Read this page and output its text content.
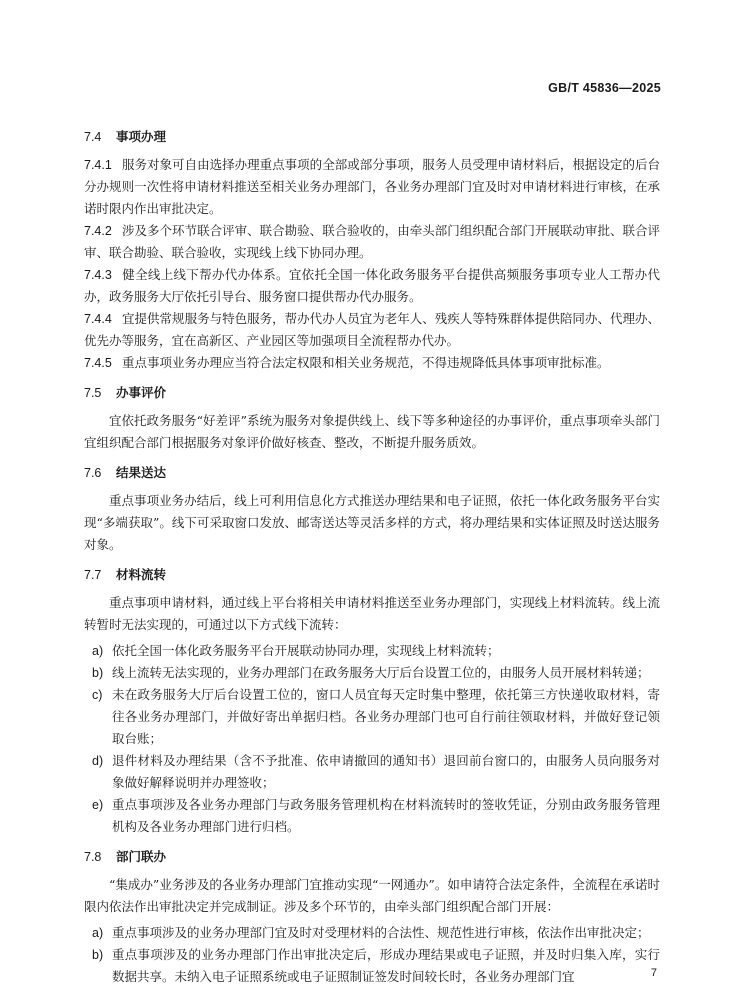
GB/T 45836—2025
7.4 事项办理

7.4.1 服务对象可自由选择办理重点事项的全部或部分事项，服务人员受理申请材料后，根据设定的后台分办规则一次性将申请材料推送至相关业务办理部门，各业务办理部门宜及时对申请材料进行审核，在承诺时限内作出审批决定。

7.4.2 涉及多个环节联合评审、联合勘验、联合验收的，由牵头部门组织配合部门开展联动审批、联合评审、联合勘验、联合验收，实现线上线下协同办理。

7.4.3 健全线上线下帮办代办体系。宜依托全国一体化政务服务平台提供高频服务事项专业人工帮办代办，政务服务大厅依托引导台、服务窗口提供帮办代办服务。

7.4.4 宜提供常规服务与特色服务，帮办代办人员宜为老年人、残疾人等特殊群体提供陪同办、代理办、优先办等服务，宜在高新区、产业园区等加强项目全流程帮办代办。

7.4.5 重点事项业务办理应当符合法定权限和相关业务规范，不得违规降低具体事项审批标准。

7.5 办事评价

宜依托政务服务“好差评”系统为服务对象提供线上、线下等多种途径的办事评价，重点事项牵头部门宜组织配合部门根据服务对象评价做好核查、整改，不断提升服务质效。

7.6 结果送达

重点事项业务办结后，线上可利用信息化方式推送办理结果和电子证照，依托一体化政务服务平台实现“多端获取”。线下可采取窗口发放、邮寄送达等灵活多样的方式，将办理结果和实体证照及时送达服务对象。

7.7 材料流转

重点事项申请材料，通过线上平台将相关申请材料推送至业务办理部门，实现线上材料流转。线上流转暂时无法实现的，可通过以下方式线下流转：

a) 依托全国一体化政务服务平台开展联动协同办理，实现线上材料流转；

b) 线上流转无法实现的，业务办理部门在政务服务大厅后台设置工位的，由服务人员开展材料转递；

c) 未在政务服务大厅后台设置工位的，窗口人员宜每天定时集中整理，依托第三方快递收取材料，寄往各业务办理部门，并做好寄出单据归档。各业务办理部门也可自行前往领取材料，并做好登记领取台账；

d) 退件材料及办理结果（含不予批准、依申请撤回的通知书）退回前台窗口的，由服务人员向服务对象做好解释说明并办理签收；

e) 重点事项涉及各业务办理部门与政务服务管理机构在材料流转时的签收凭证，分别由政务服务管理机构及各业务办理部门进行归档。

7.8 部门联办

“集成办”业务涉及的各业务办理部门宜推动实现“一网通办”。如申请符合法定条件，全流程在承诺时限内依法作出审批决定并完成制证。涉及多个环节的，由牵头部门组织配合部门开展：

a) 重点事项涉及的业务办理部门宜及时对受理材料的合法性、规范性进行审核，依法作出审批决定；

b) 重点事项涉及的业务办理部门作出审批决定后，形成办理结果或电子证照，并及时归集入库，实行数据共享。未纳入电子证照系统或电子证照制证签发时间较长时，各业务办理部门宜	7
